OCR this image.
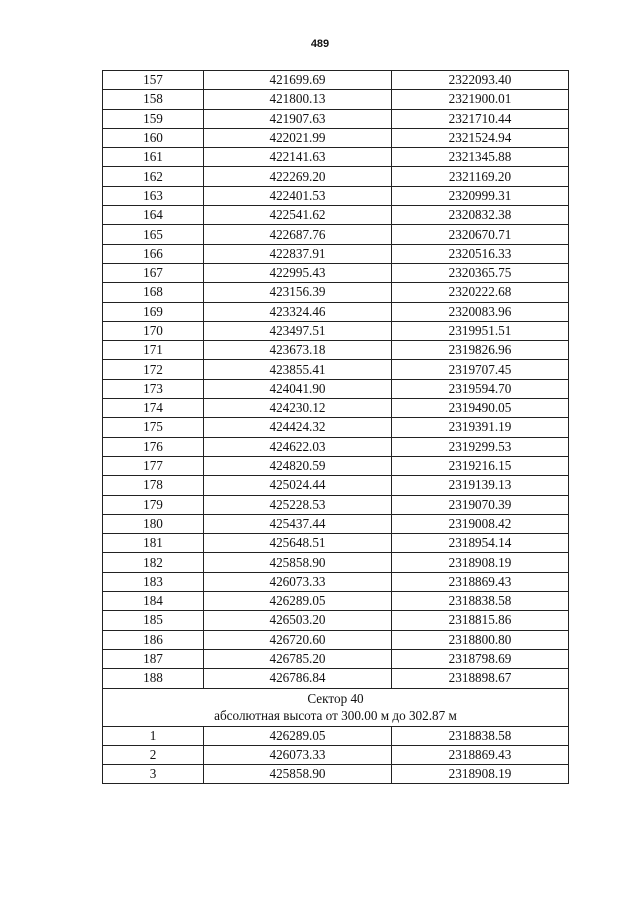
489
157	421699.69	2322093.40
158	421800.13	2321900.01
159	421907.63	2321710.44
160	422021.99	2321524.94
161	422141.63	2321345.88
162	422269.20	2321169.20
163	422401.53	2320999.31
164	422541.62	2320832.38
165	422687.76	2320670.71
166	422837.91	2320516.33
167	422995.43	2320365.75
168	423156.39	2320222.68
169	423324.46	2320083.96
170	423497.51	2319951.51
171	423673.18	2319826.96
172	423855.41	2319707.45
173	424041.90	2319594.70
174	424230.12	2319490.05
175	424424.32	2319391.19
176	424622.03	2319299.53
177	424820.59	2319216.15
178	425024.44	2319139.13
179	425228.53	2319070.39
180	425437.44	2319008.42
181	425648.51	2318954.14
182	425858.90	2318908.19
183	426073.33	2318869.43
184	426289.05	2318838.58
185	426503.20	2318815.86
186	426720.60	2318800.80
187	426785.20	2318798.69
188	426786.84	2318898.67

Сектор 40
абсолютная высота от 300.00 м до 302.87 м		

1	426289.05	2318838.58
2	426073.33	2318869.43
3	425858.90	2318908.19
